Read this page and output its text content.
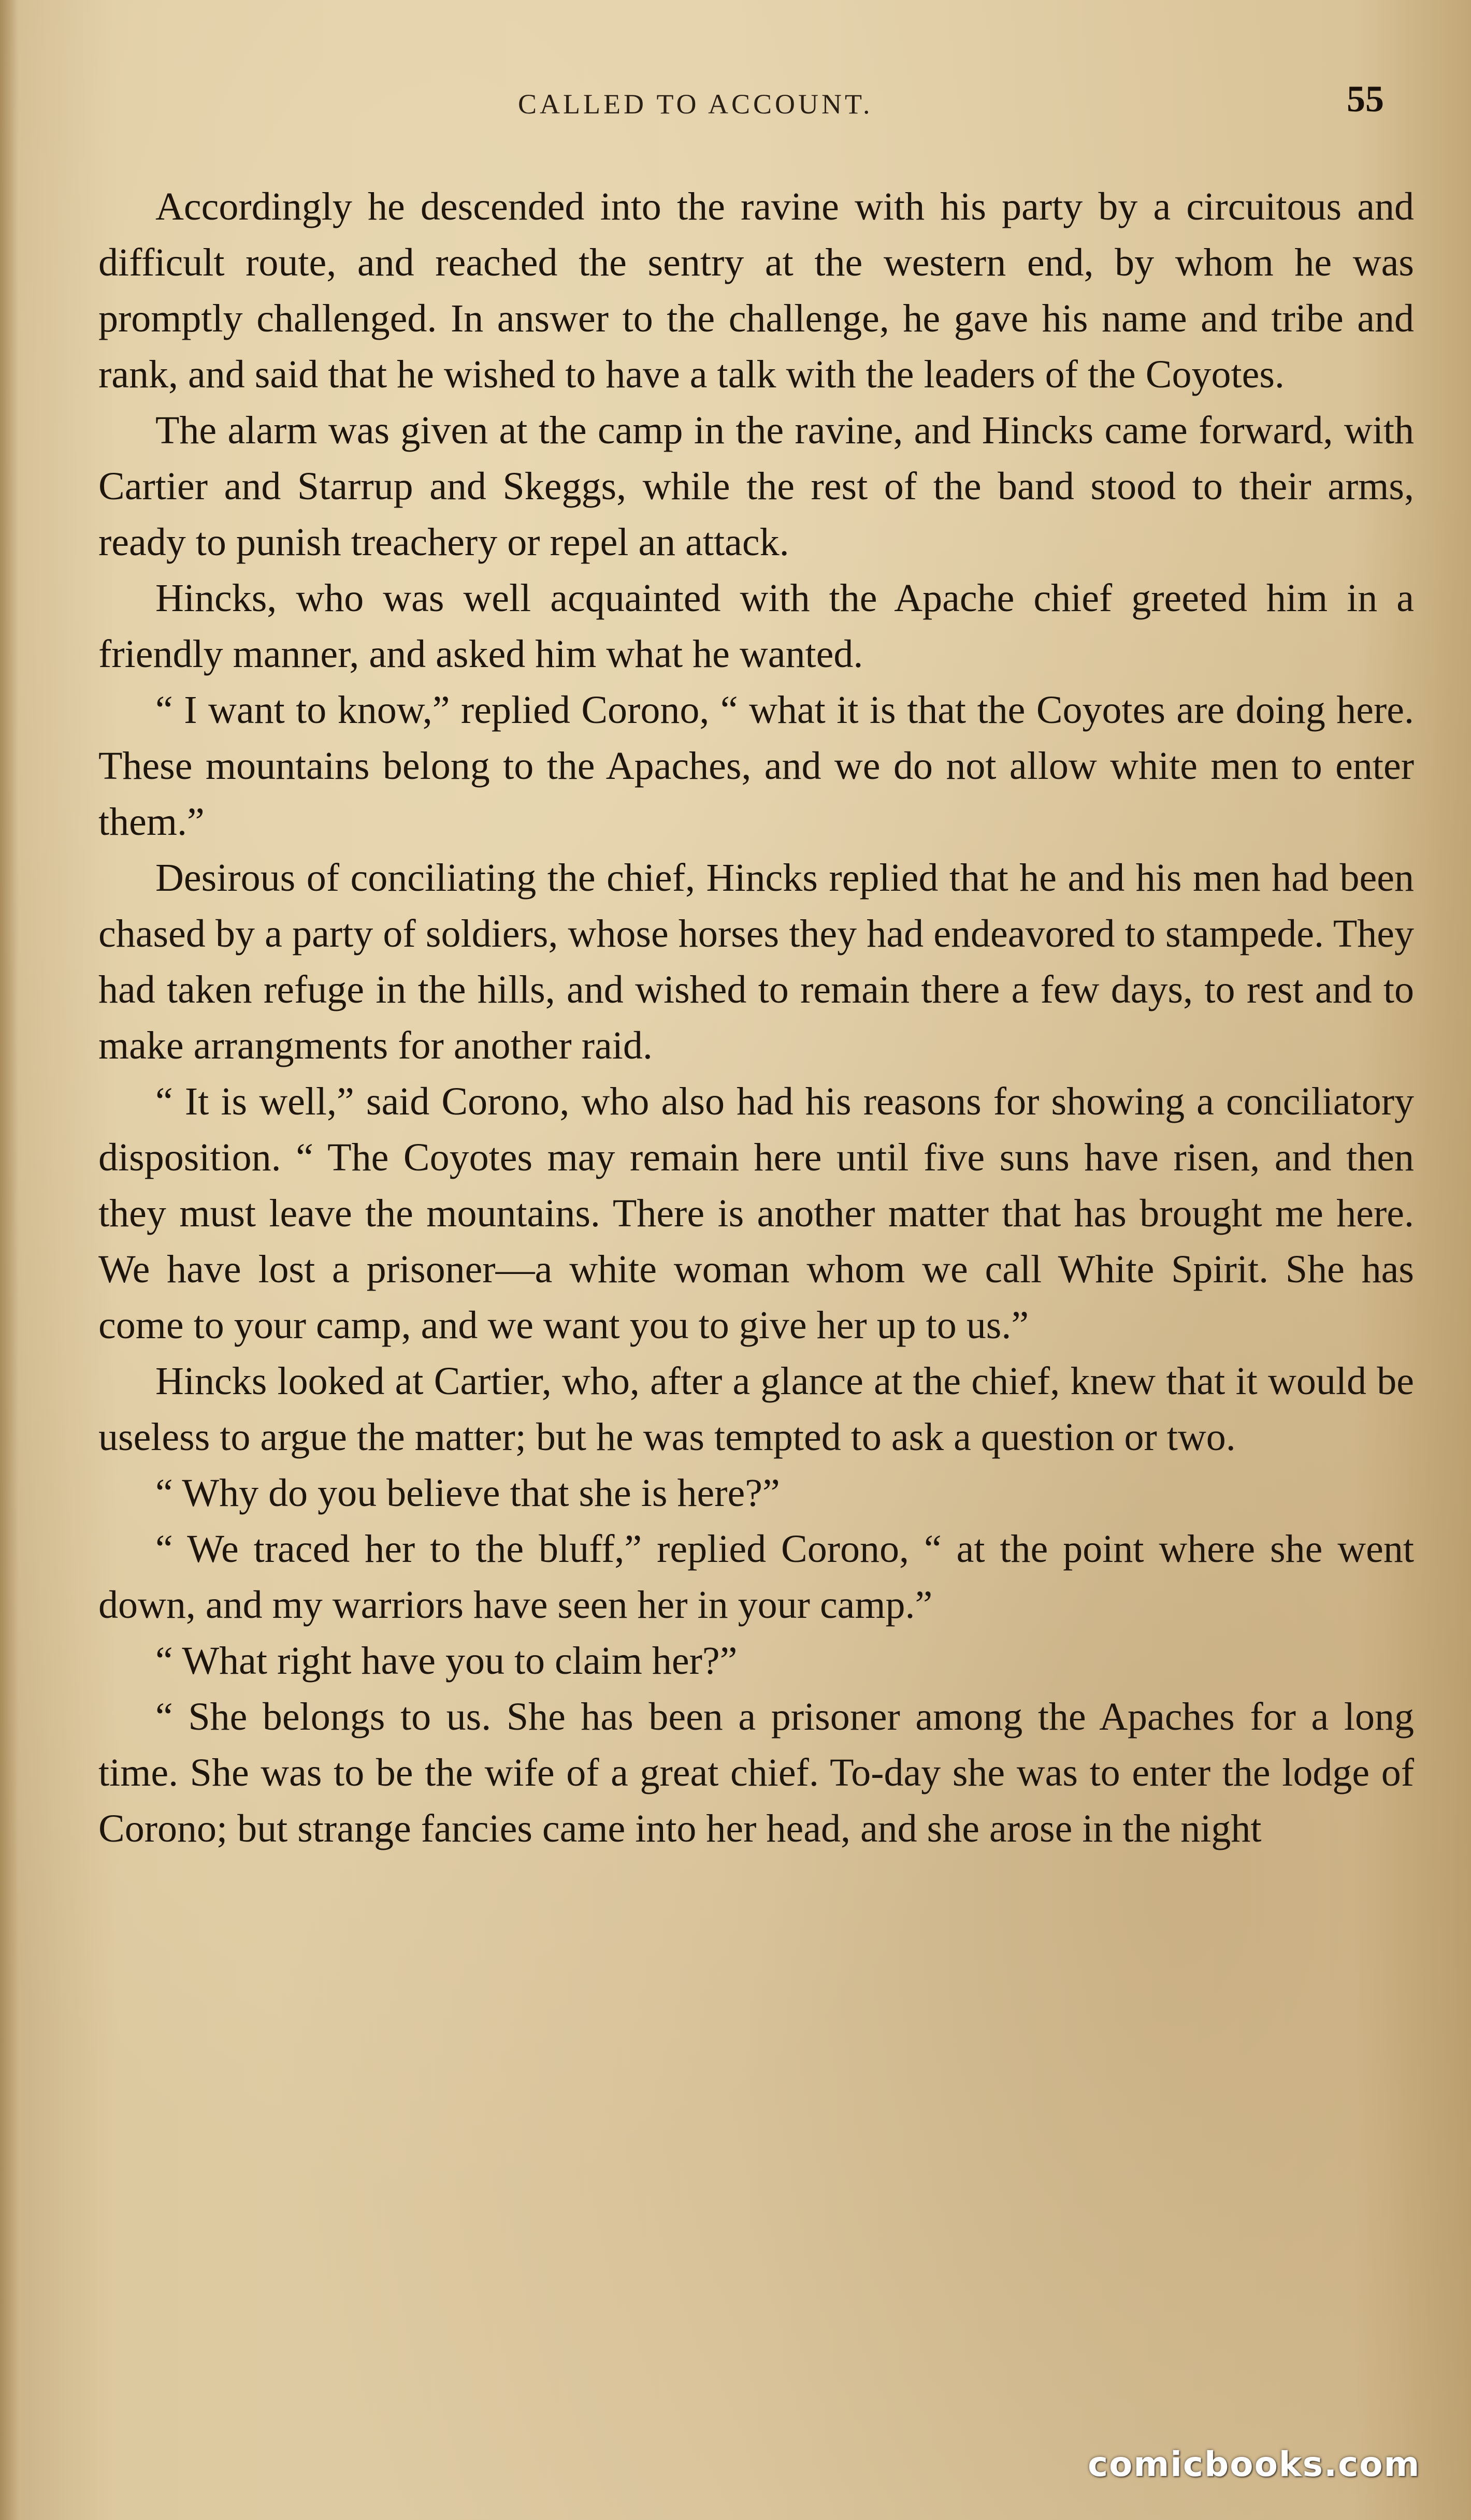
CALLED TO ACCOUNT.	55

Accordingly he descended into the ravine with his party by a circuitous and difficult route, and reached the sentry at the western end, by whom he was promptly challenged. In answer to the challenge, he gave his name and tribe and rank, and said that he wished to have a talk with the leaders of the Coyotes.

The alarm was given at the camp in the ravine, and Hincks came forward, with Cartier and Starrup and Skeggs, while the rest of the band stood to their arms, ready to punish treachery or repel an attack.

Hincks, who was well acquainted with the Apache chief greeted him in a friendly manner, and asked him what he wanted.

“ I want to know,” replied Corono, “ what it is that the Coyotes are doing here. These mountains belong to the Apaches, and we do not allow white men to enter them.”

Desirous of conciliating the chief, Hincks replied that he and his men had been chased by a party of soldiers, whose horses they had endeavored to stampede. They had taken refuge in the hills, and wished to remain there a few days, to rest and to make arrangments for another raid.

“ It is well,” said Corono, who also had his reasons for showing a conciliatory disposition. “ The Coyotes may remain here until five suns have risen, and then they must leave the mountains. There is another matter that has brought me here. We have lost a prisoner—a white woman whom we call White Spirit. She has come to your camp, and we want you to give her up to us.”

Hincks looked at Cartier, who, after a glance at the chief, knew that it would be useless to argue the matter; but he was tempted to ask a question or two.

“ Why do you believe that she is here?”

“ We traced her to the bluff,” replied Corono, “ at the point where she went down, and my warriors have seen her in your camp.”

“ What right have you to claim her?”

“ She belongs to us. She has been a prisoner among the Apaches for a long time. She was to be the wife of a great chief. To-day she was to enter the lodge of Corono; but strange fancies came into her head, and she arose in the night

comicbooks.com
